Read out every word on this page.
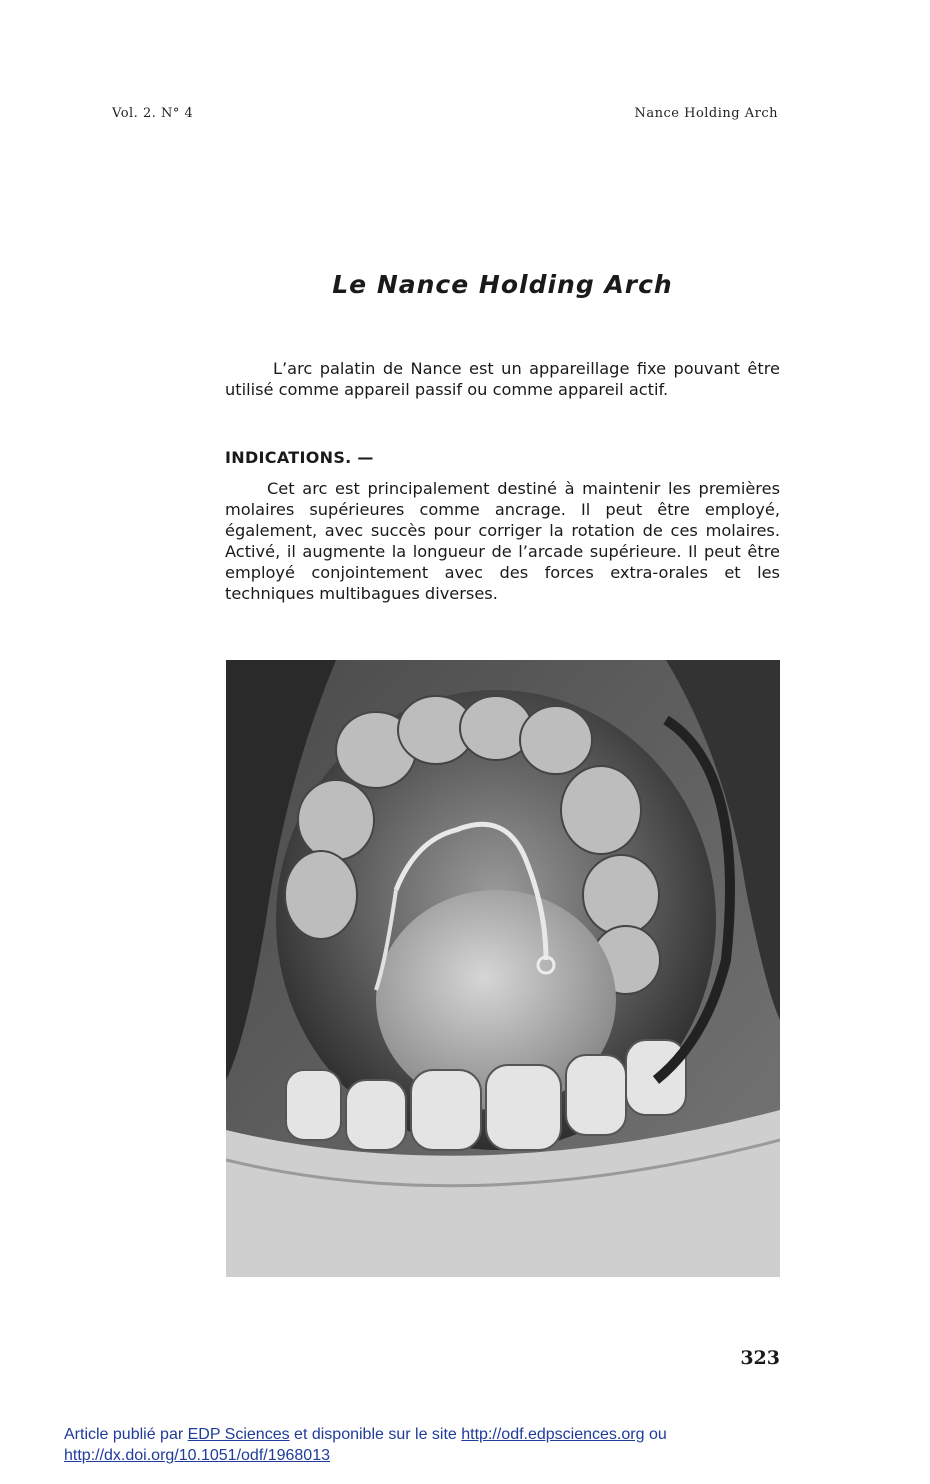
Vol. 2. N° 4	Nance Holding Arch
Le Nance Holding Arch

L’arc palatin de Nance est un appareillage fixe pouvant être utilisé comme appareil passif ou comme appareil actif.

INDICATIONS. —

Cet arc est principalement destiné à maintenir les premières molaires supérieures comme ancrage. Il peut être employé, également, avec succès pour corriger la rotation de ces molaires. Activé, il augmente la longueur de l’arcade supérieure. Il peut être employé conjointement avec des forces extra-orales et les techniques multibagues diverses.

323
Article publié par EDP Sciences et disponible sur le site http://odf.edpsciences.org ou
http://dx.doi.org/10.1051/odf/1968013
